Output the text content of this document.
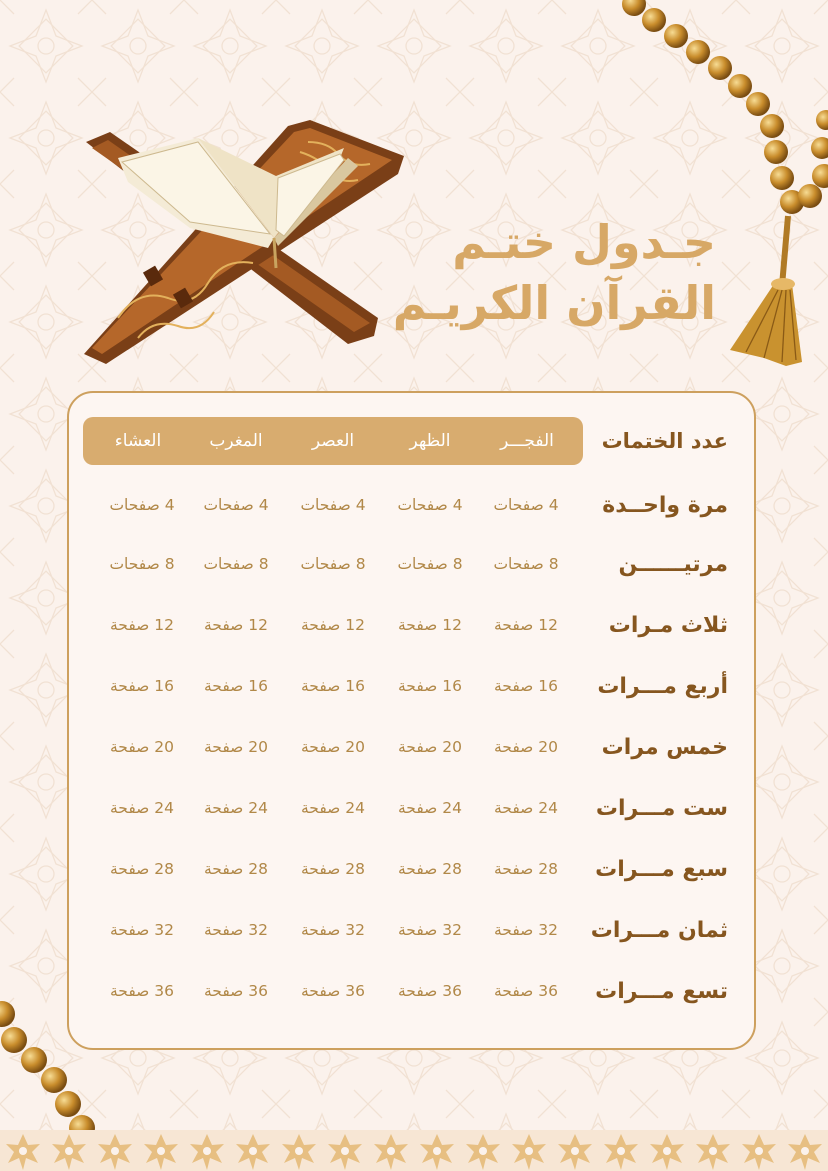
جـدول ختـم
القرآن الكريـم
عدد الختمات
الفجـــر
الظهر
العصر
المغرب
العشاء
مرة واحــدة
4 صفحات
4 صفحات
4 صفحات
4 صفحات
4 صفحات
مرتيــــــن
8 صفحات
8 صفحات
8 صفحات
8 صفحات
8 صفحات
ثلاث مـرات
12 صفحة
12 صفحة
12 صفحة
12 صفحة
12 صفحة
أربع مـــرات
16 صفحة
16 صفحة
16 صفحة
16 صفحة
16 صفحة
خمس مرات
20 صفحة
20 صفحة
20 صفحة
20 صفحة
20 صفحة
ست مـــرات
24 صفحة
24 صفحة
24 صفحة
24 صفحة
24 صفحة
سبع مـــرات
28 صفحة
28 صفحة
28 صفحة
28 صفحة
28 صفحة
ثمان مـــرات
32 صفحة
32 صفحة
32 صفحة
32 صفحة
32 صفحة
تسع مـــرات
36 صفحة
36 صفحة
36 صفحة
36 صفحة
36 صفحة
